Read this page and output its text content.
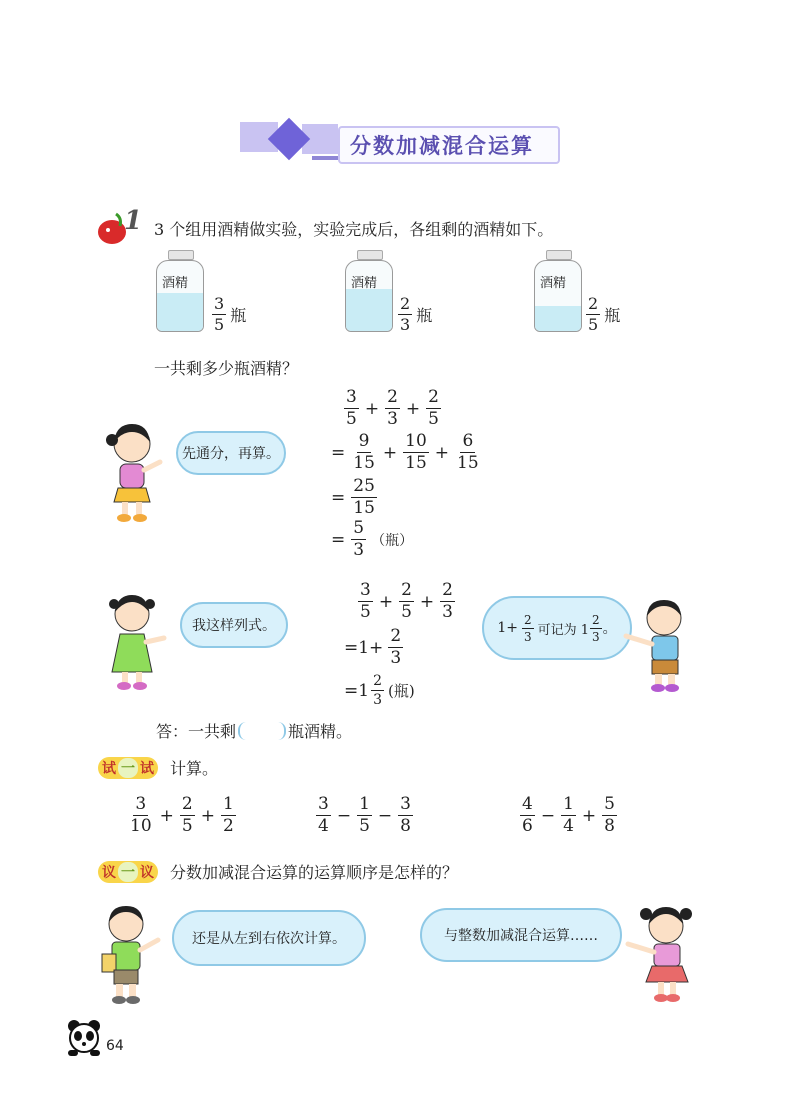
分数加减混合运算
1 3 个组用酒精做实验，实验完成后，各组剩的酒精如下。
酒精
$\frac{3}{5}$ 瓶
酒精
$\frac{2}{3}$ 瓶
酒精
$\frac{2}{5}$ 瓶
一共剩多少瓶酒精？
先通分，再算。
$\frac{3}{5} + \frac{2}{3} + \frac{2}{5}$
= $\frac{9}{15} + \frac{10}{15} + \frac{6}{15}$
= $\frac{25}{15}$
= $\frac{5}{3}$ （瓶）
我这样列式。
$\frac{3}{5} + \frac{2}{5} + \frac{2}{3}$
$=1+ \frac{2}{3}$
$=1 \frac{2}{3}$ (瓶)
$1+ \frac{2}{3}$ 可记为 $1 \frac{2}{3}$ 。
答：一共剩	瓶酒精。
试 一 试 计算。
$\frac{3}{10} + \frac{2}{5} + \frac{1}{2}$	$\frac{3}{4} - \frac{1}{5} - \frac{3}{8}$	$\frac{4}{6} - \frac{1}{4} + \frac{5}{8}$
议 一 议 分数加减混合运算的运算顺序是怎样的？
还是从左到右依次计算。	与整数加减混合运算……
64
